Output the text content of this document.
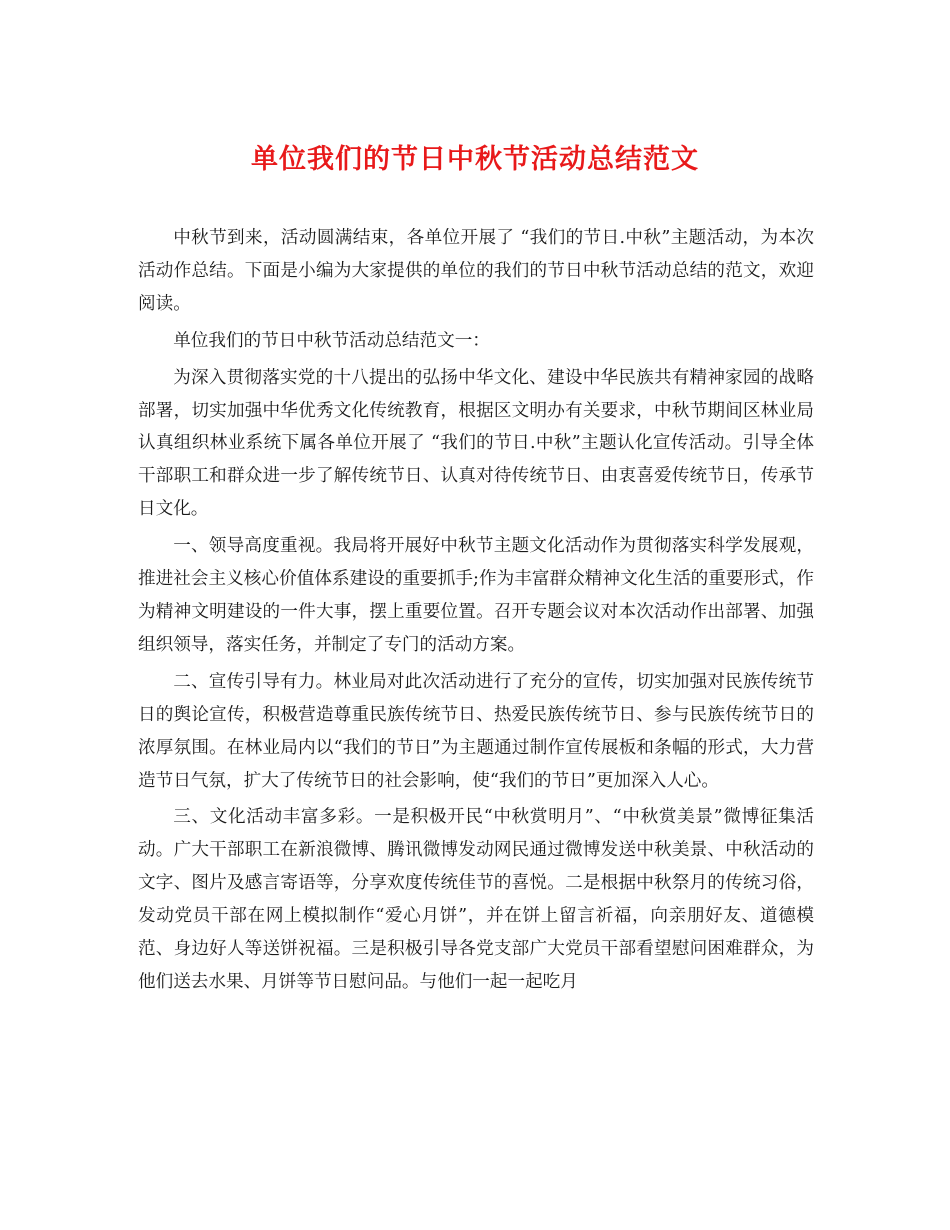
单位我们的节日中秋节活动总结范文

中秋节到来，活动圆满结束，各单位开展了 “我们的节日.中秋”主题活动，为本次活动作总结。下面是小编为大家提供的单位的我们的节日中秋节活动总结的范文，欢迎阅读。

单位我们的节日中秋节活动总结范文一：

为深入贯彻落实党的十八提出的弘扬中华文化、建设中华民族共有精神家园的战略部署，切实加强中华优秀文化传统教育，根据区文明办有关要求，中秋节期间区林业局认真组织林业系统下属各单位开展了 “我们的节日.中秋”主题认化宣传活动。引导全体干部职工和群众进一步了解传统节日、认真对待传统节日、由衷喜爱传统节日，传承节日文化。

一、领导高度重视。我局将开展好中秋节主题文化活动作为贯彻落实科学发展观，推进社会主义核心价值体系建设的重要抓手;作为丰富群众精神文化生活的重要形式，作为精神文明建设的一件大事，摆上重要位置。召开专题会议对本次活动作出部署、加强组织领导，落实任务，并制定了专门的活动方案。

二、宣传引导有力。林业局对此次活动进行了充分的宣传，切实加强对民族传统节日的舆论宣传，积极营造尊重民族传统节日、热爱民族传统节日、参与民族传统节日的浓厚氛围。在林业局内以“我们的节日”为主题通过制作宣传展板和条幅的形式，大力营造节日气氛，扩大了传统节日的社会影响，使“我们的节日”更加深入人心。

三、文化活动丰富多彩。一是积极开民“中秋赏明月”、“中秋赏美景”微博征集活动。广大干部职工在新浪微博、腾讯微博发动网民通过微博发送中秋美景、中秋活动的文字、图片及感言寄语等，分享欢度传统佳节的喜悦。二是根据中秋祭月的传统习俗，发动党员干部在网上模拟制作“爱心月饼”，并在饼上留言祈福，向亲朋好友、道德模范、身边好人等送饼祝福。三是积极引导各党支部广大党员干部看望慰问困难群众，为他们送去水果、月饼等节日慰问品。与他们一起一起吃月
